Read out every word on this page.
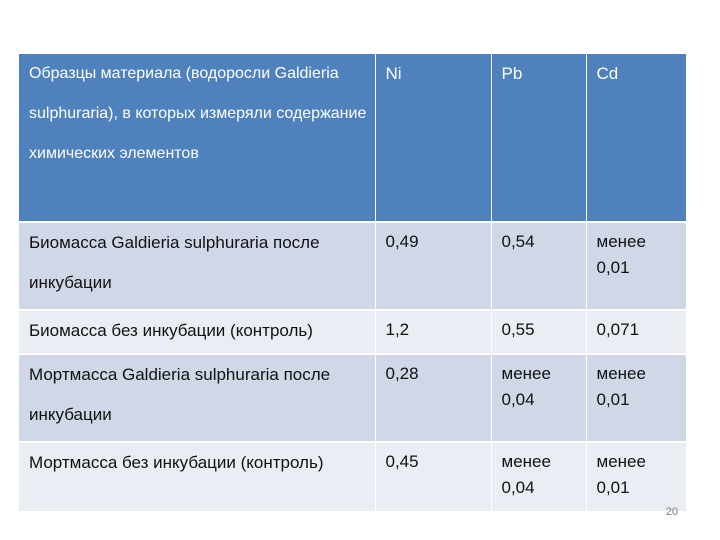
Образцы материала (водоросли Galdieria sulphuraria), в которых измеряли содержание химических элементов	Ni	Pb	Cd
Биомасса Galdieria sulphuraria после инкубации	0,49	0,54	менее 0,01
Биомасса без инкубации (контроль)	1,2	0,55	0,071
Мортмасса Galdieria sulphuraria после инкубации	0,28	менее 0,04	менее 0,01
Мортмасса без инкубации (контроль)	0,45	менее 0,04	менее 0,01
20
